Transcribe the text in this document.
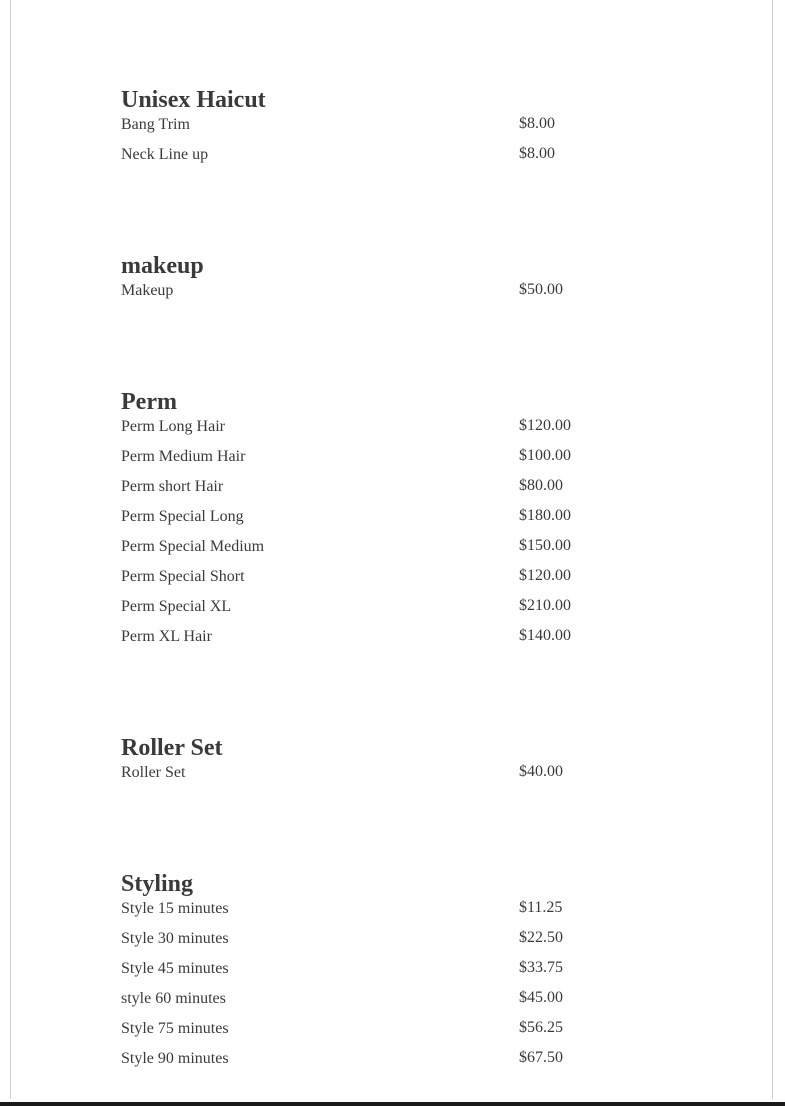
Unisex Haicut
Bang Trim	$8.00
Neck Line up	$8.00
makeup
Makeup	$50.00
Perm
Perm Long Hair	$120.00
Perm Medium Hair	$100.00
Perm short Hair	$80.00
Perm Special Long	$180.00
Perm Special Medium	$150.00
Perm Special Short	$120.00
Perm Special XL	$210.00
Perm XL Hair	$140.00
Roller Set
Roller Set	$40.00
Styling
Style 15 minutes	$11.25
Style 30 minutes	$22.50
Style 45 minutes	$33.75
style 60 minutes	$45.00
Style 75 minutes	$56.25
Style 90 minutes	$67.50
